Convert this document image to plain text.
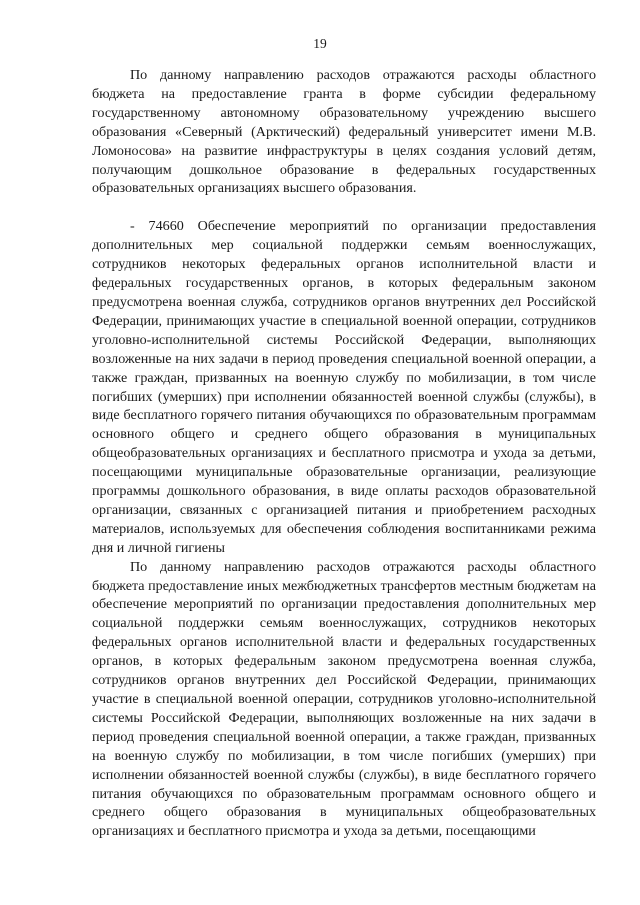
19

По данному направлению расходов отражаются расходы областного бюджета на предоставление гранта в форме субсидии федеральному государственному автономному образовательному учреждению высшего образования «Северный (Арктический) федеральный университет имени М.В. Ломоносова» на развитие инфраструктуры в целях создания условий детям, получающим дошкольное образование в федеральных государственных образовательных организациях высшего образования.

- 74660 Обеспечение мероприятий по организации предоставления дополнительных мер социальной поддержки семьям военнослужащих, сотрудников некоторых федеральных органов исполнительной власти и федеральных государственных органов, в которых федеральным законом предусмотрена военная служба, сотрудников органов внутренних дел Российской Федерации, принимающих участие в специальной военной операции, сотрудников уголовно-исполнительной системы Российской Федерации, выполняющих возложенные на них задачи в период проведения специальной военной операции, а также граждан, призванных на военную службу по мобилизации, в том числе погибших (умерших) при исполнении обязанностей военной службы (службы), в виде бесплатного горячего питания обучающихся по образовательным программам основного общего и среднего общего образования в муниципальных общеобразовательных организациях и бесплатного присмотра и ухода за детьми, посещающими муниципальные образовательные организации, реализующие программы дошкольного образования, в виде оплаты расходов образовательной организации, связанных с организацией питания и приобретением расходных материалов, используемых для обеспечения соблюдения воспитанниками режима дня и личной гигиены

По данному направлению расходов отражаются расходы областного бюджета предоставление иных межбюджетных трансфертов местным бюджетам на обеспечение мероприятий по организации предоставления дополнительных мер социальной поддержки семьям военнослужащих, сотрудников некоторых федеральных органов исполнительной власти и федеральных государственных органов, в которых федеральным законом предусмотрена военная служба, сотрудников органов внутренних дел Российской Федерации, принимающих участие в специальной военной операции, сотрудников уголовно-исполнительной системы Российской Федерации, выполняющих возложенные на них задачи в период проведения специальной военной операции, а также граждан, призванных на военную службу по мобилизации, в том числе погибших (умерших) при исполнении обязанностей военной службы (службы), в виде бесплатного горячего питания обучающихся по образовательным программам основного общего и среднего общего образования в муниципальных общеобразовательных организациях и бесплатного присмотра и ухода за детьми, посещающими
